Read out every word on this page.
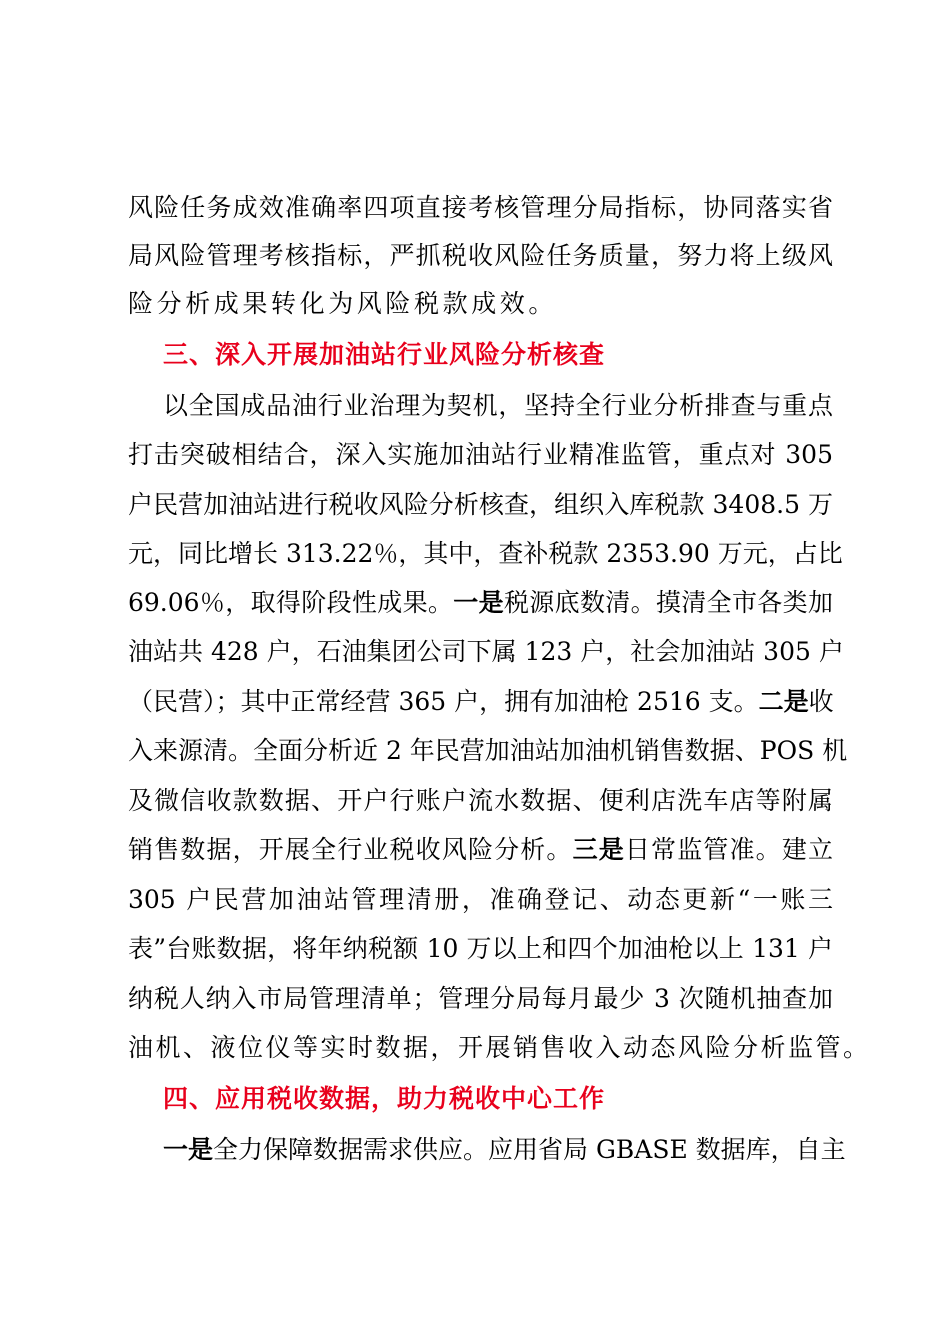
风险任务成效准确率四项直接考核管理分局指标，协同落实省
局风险管理考核指标，严抓税收风险任务质量，努力将上级风
险分析成果转化为风险税款成效。
三、深入开展加油站行业风险分析核查
以全国成品油行业治理为契机，坚持全行业分析排查与重点
打击突破相结合，深入实施加油站行业精准监管，重点对 305
户民营加油站进行税收风险分析核查，组织入库税款 3408.5 万
元，同比增长 313.22％，其中，查补税款 2353.90 万元，占比
69.06％，取得阶段性成果。一是税源底数清。摸清全市各类加
油站共 428 户，石油集团公司下属 123 户，社会加油站 305 户
（民营）；其中正常经营 365 户，拥有加油枪 2516 支。二是收
入来源清。全面分析近 2 年民营加油站加油机销售数据、POS 机
及微信收款数据、开户行账户流水数据、便利店洗车店等附属
销售数据，开展全行业税收风险分析。三是日常监管准。建立
305 户民营加油站管理清册，准确登记、动态更新“一账三
表”台账数据，将年纳税额 10 万以上和四个加油枪以上 131 户
纳税人纳入市局管理清单；管理分局每月最少 3 次随机抽查加
油机、液位仪等实时数据，开展销售收入动态风险分析监管。
四、应用税收数据，助力税收中心工作
一是全力保障数据需求供应。应用省局 GBASE 数据库，自主
